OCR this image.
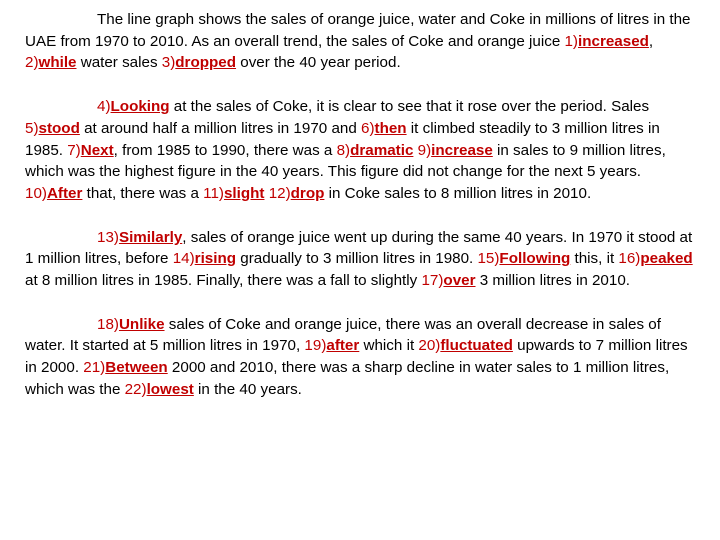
The line graph shows the sales of orange juice, water and Coke in millions of litres in the UAE from 1970 to 2010. As an overall trend, the sales of Coke and orange juice 1)increased, 2)while water sales 3)dropped over the 40 year period.

4)Looking at the sales of Coke, it is clear to see that it rose over the period. Sales 5)stood at around half a million litres in 1970 and 6)then it climbed steadily to 3 million litres in 1985. 7)Next, from 1985 to 1990, there was a 8)dramatic 9)increase in sales to 9 million litres, which was the highest figure in the 40 years. This figure did not change for the next 5 years. 10)After that, there was a 11)slight 12)drop in Coke sales to 8 million litres in 2010.

13)Similarly, sales of orange juice went up during the same 40 years. In 1970 it stood at 1 million litres, before 14)rising gradually to 3 million litres in 1980. 15)Following this, it 16)peaked at 8 million litres in 1985. Finally, there was a fall to slightly 17)over 3 million litres in 2010.

18)Unlike sales of Coke and orange juice, there was an overall decrease in sales of water. It started at 5 million litres in 1970, 19)after which it 20)fluctuated upwards to 7 million litres in 2000. 21)Between 2000 and 2010, there was a sharp decline in water sales to 1 million litres, which was the 22)lowest in the 40 years.
